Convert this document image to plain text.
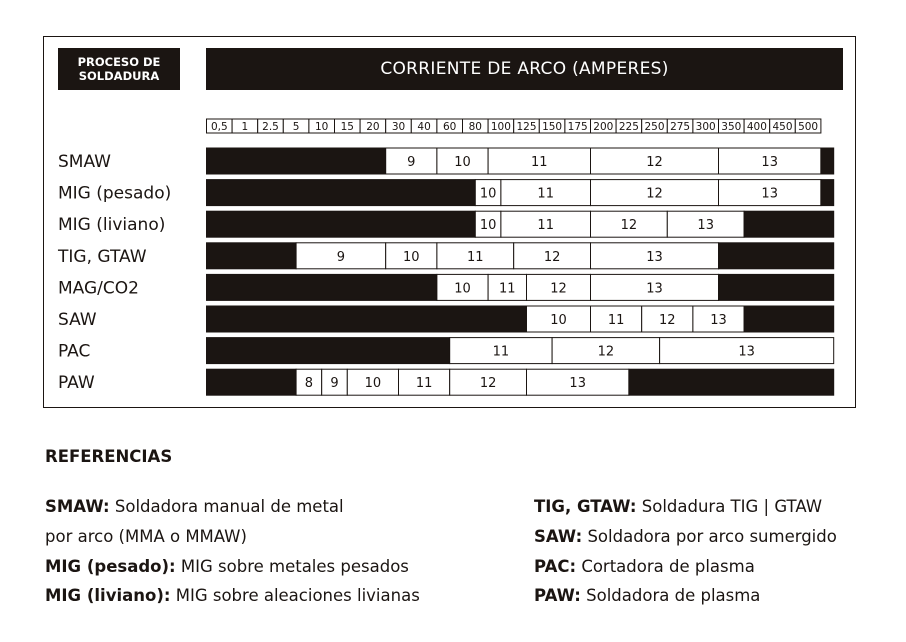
PROCESO DE
SOLDADURA	CORRIENTE DE ARCO (AMPERES)
0,5 1 2.5 5 10 15 20 30 40 60 80 100 125 150 175 200 225 250 275 300 350 400 450 500
SMAW	9	10	11	12	13
MIG (pesado)	10	11	12	13
MIG (liviano)	10	11	12	13
TIG, GTAW	9	10	11	12	13
MAG/CO2	10 11	12	13
SAW	10	11	12	13
PAC	11	12	13
PAW	8 9 10	11	12	13
REFERENCIAS
SMAW: Soldadora manual de metal
por arco (MMA o MMAW)
MIG (pesado): MIG sobre metales pesados
MIG (liviano): MIG sobre aleaciones livianas
TIG, GTAW: Soldadura TIG | GTAW
SAW: Soldadora por arco sumergido
PAC: Cortadora de plasma
PAW: Soldadora de plasma
